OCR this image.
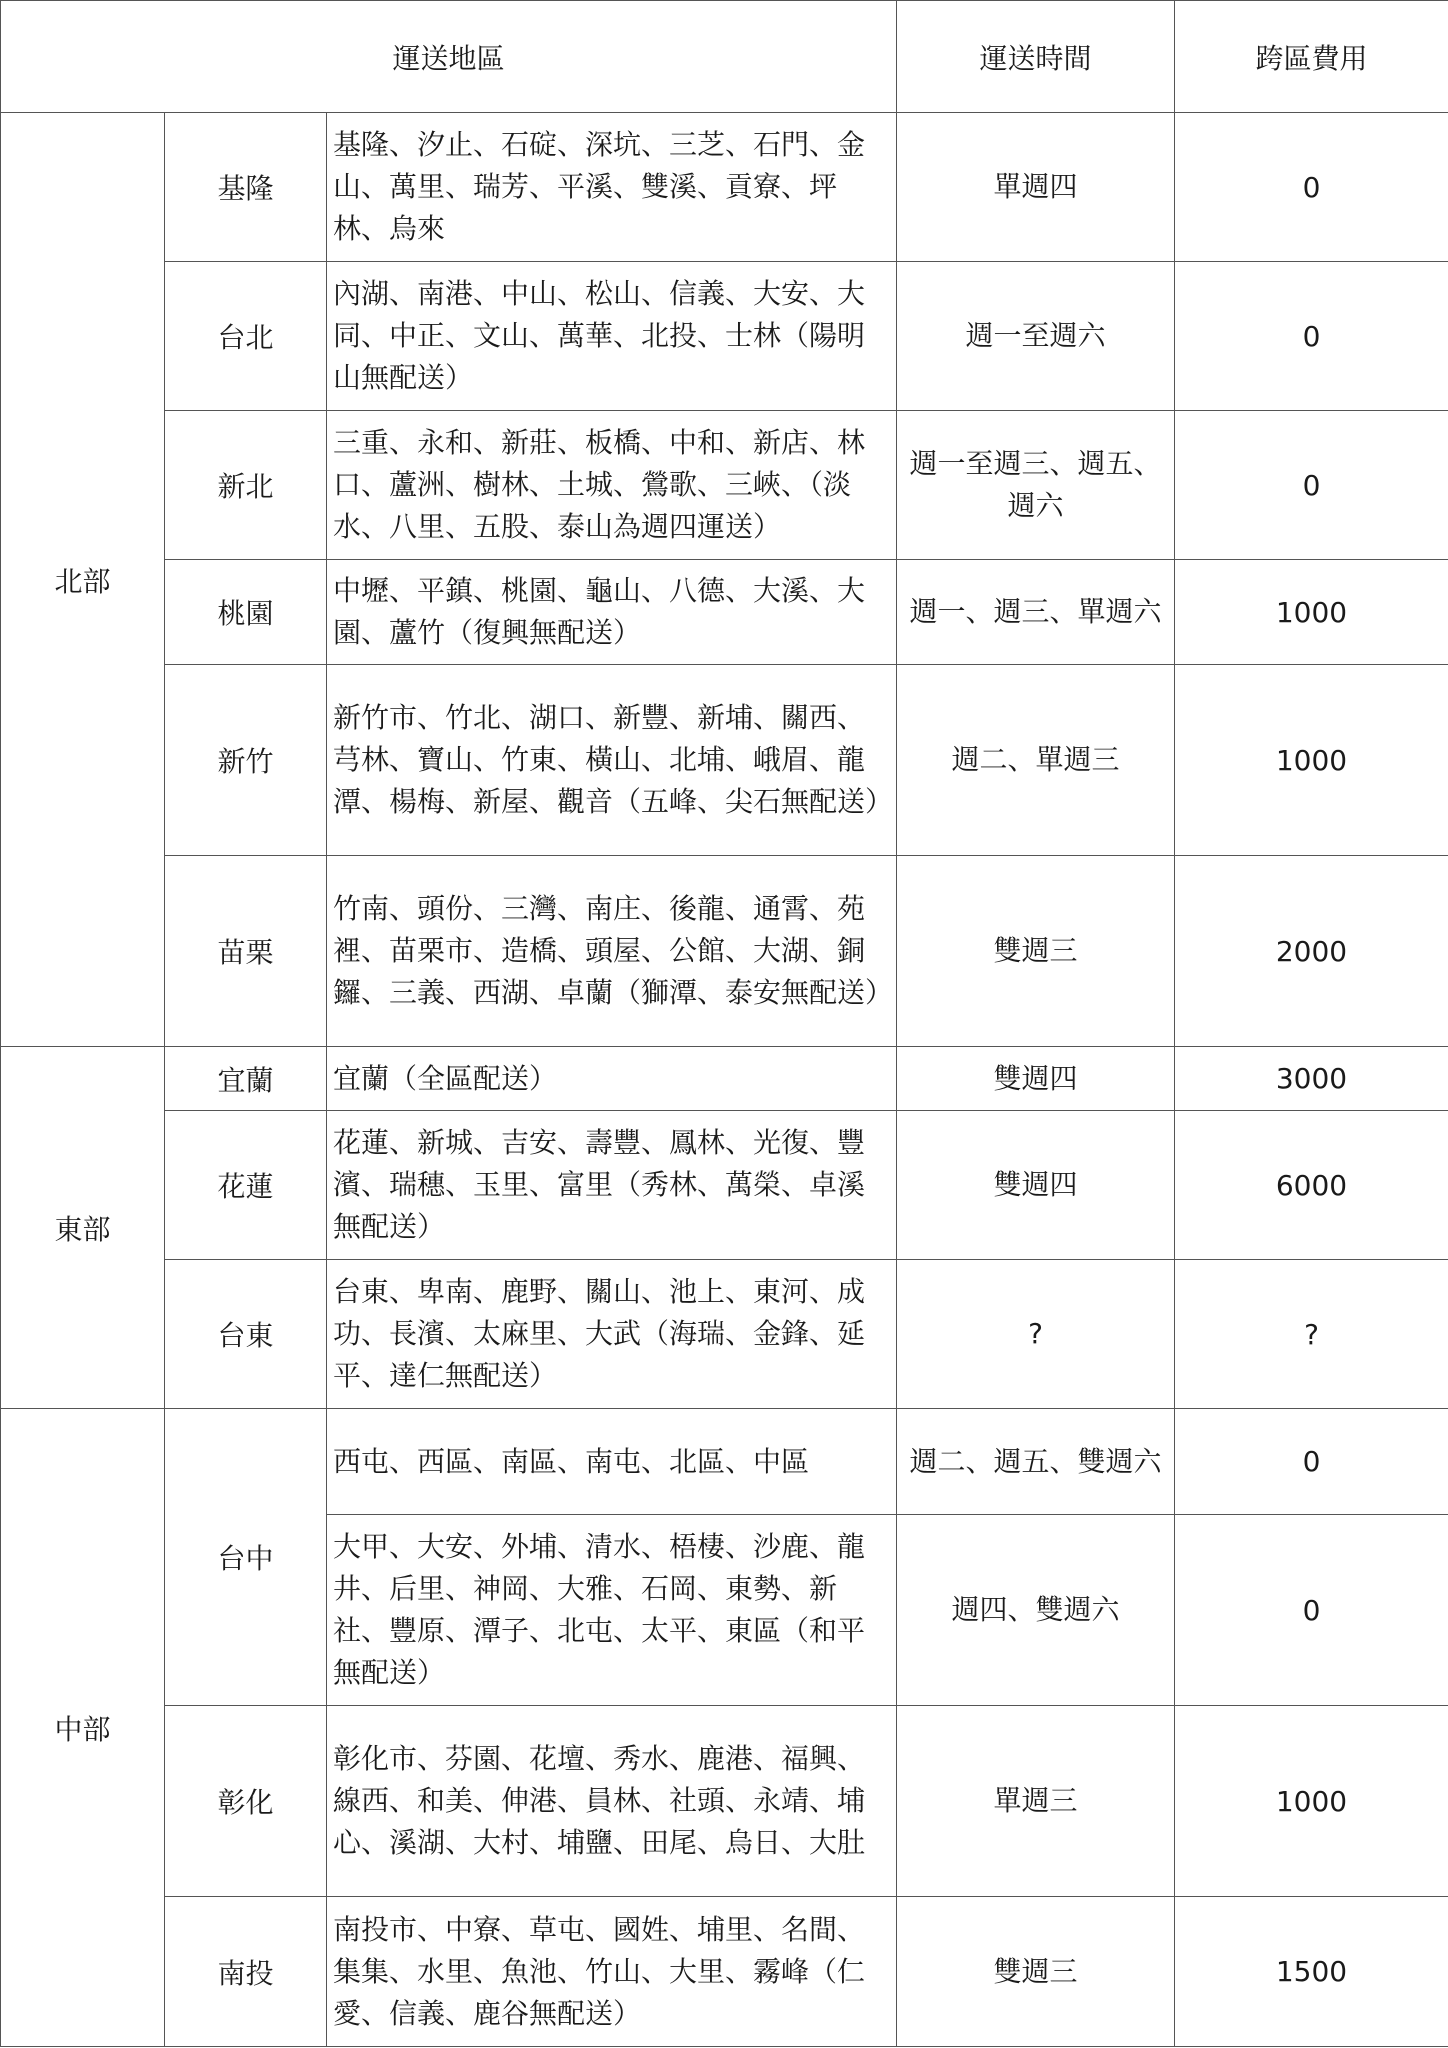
運送地區			運送時間	跨區費用
北部	基隆	基隆、汐止、石碇、深坑、三芝、石門、金山、萬里、瑞芳、平溪、雙溪、貢寮、坪林、烏來	單週四	0
	台北	內湖、南港、中山、松山、信義、大安、大同、中正、文山、萬華、北投、士林（陽明山無配送）	週一至週六	0
	新北	三重、永和、新莊、板橋、中和、新店、林口、蘆洲、樹林、土城、鶯歌、三峽、（淡水、八里、五股、泰山為週四運送）	週一至週三、週五、週六	0
	桃園	中壢、平鎮、桃園、龜山、八德、大溪、大園、蘆竹（復興無配送）	週一、週三、單週六	1000
	新竹	新竹市、竹北、湖口、新豐、新埔、關西、芎林、寶山、竹東、橫山、北埔、峨眉、龍潭、楊梅、新屋、觀音（五峰、尖石無配送）	週二、單週三	1000
	苗栗	竹南、頭份、三灣、南庄、後龍、通霄、苑裡、苗栗市、造橋、頭屋、公館、大湖、銅鑼、三義、西湖、卓蘭（獅潭、泰安無配送）	雙週三	2000
東部	宜蘭	宜蘭（全區配送）	雙週四	3000
	花蓮	花蓮、新城、吉安、壽豐、鳳林、光復、豐濱、瑞穗、玉里、富里（秀林、萬榮、卓溪無配送）	雙週四	6000
	台東	台東、卑南、鹿野、關山、池上、東河、成功、長濱、太麻里、大武（海瑞、金鋒、延平、達仁無配送）	?	?
中部	台中	西屯、西區、南區、南屯、北區、中區	週二、週五、雙週六	0
		大甲、大安、外埔、清水、梧棲、沙鹿、龍井、后里、神岡、大雅、石岡、東勢、新社、豐原、潭子、北屯、太平、東區（和平無配送）	週四、雙週六	0
	彰化	彰化市、芬園、花壇、秀水、鹿港、福興、線西、和美、伸港、員林、社頭、永靖、埔心、溪湖、大村、埔鹽、田尾、烏日、大肚	單週三	1000
	南投	南投市、中寮、草屯、國姓、埔里、名間、集集、水里、魚池、竹山、大里、霧峰（仁愛、信義、鹿谷無配送）	雙週三	1500
